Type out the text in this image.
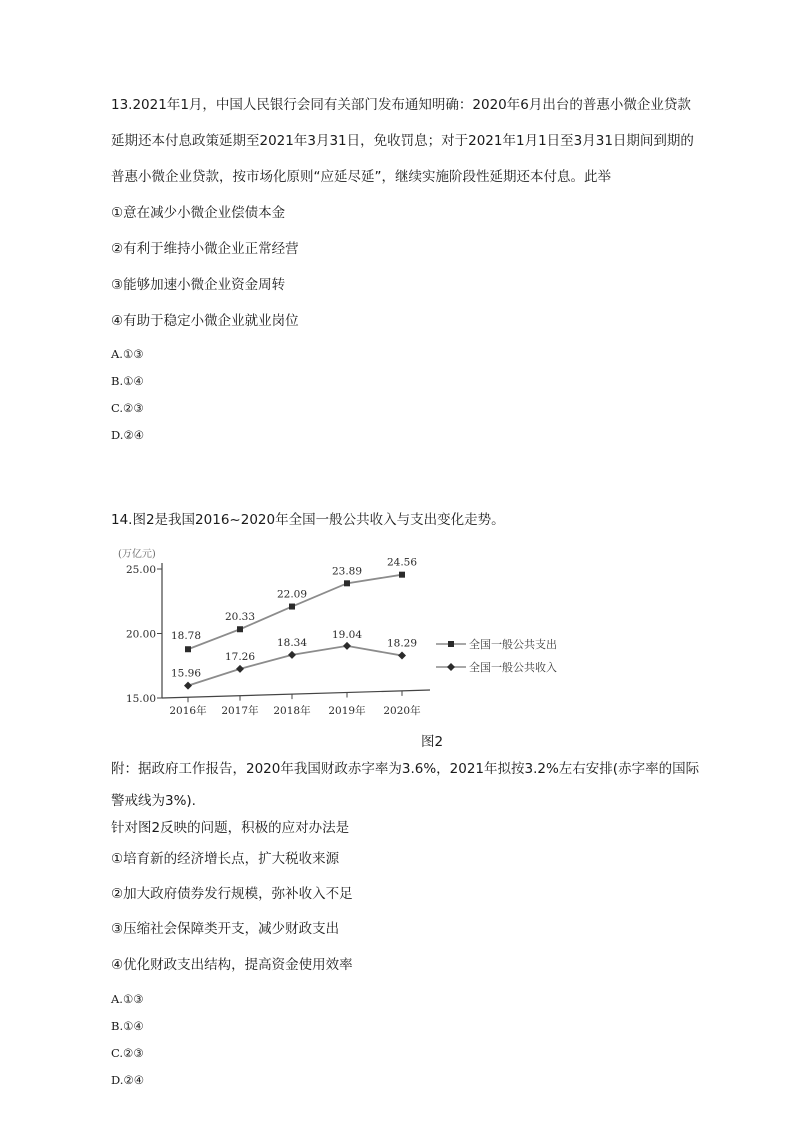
13.2021年1月，中国人民银行会同有关部门发布通知明确：2020年6月出台的普惠小微企业贷款
延期还本付息政策延期至2021年3月31日，免收罚息；对于2021年1月1日至3月31日期间到期的
普惠小微企业贷款，按市场化原则“应延尽延”，继续实施阶段性延期还本付息。此举
①意在减少小微企业偿债本金
②有利于维持小微企业正常经营
③能够加速小微企业资金周转
④有助于稳定小微企业就业岗位
A.①③
B.①④
C.②③
D.②④
14.图2是我国2016~2020年全国一般公共收入与支出变化走势。
15.00
20.00
25.00
(万亿元)
2016年 2017年 2018年 2019年 2020年
18.78
20.33
22.09
23.89
24.56
15.96
17.26
18.34
19.04
18.29
图2
附：据政府工作报告，2020年我国财政赤字率为3.6%，2021年拟按3.2%左右安排(赤字率的国际
警戒线为3%).
针对图2反映的问题，积极的应对办法是
①培育新的经济增长点，扩大税收来源
②加大政府债券发行规模，弥补收入不足
③压缩社会保障类开支，减少财政支出
④优化财政支出结构，提高资金使用效率
A.①③
B.①④
C.②③
D.②④
全国一般公共支出
全国一般公共收入
